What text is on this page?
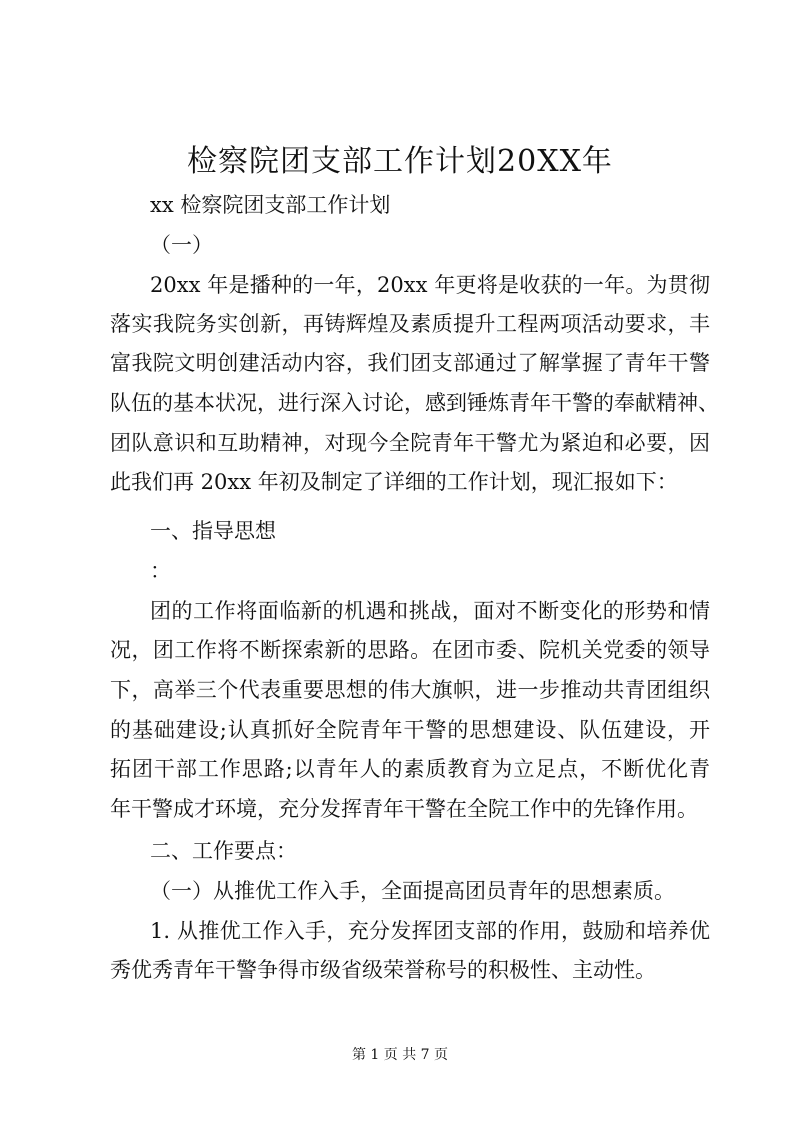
检察院团支部工作计划20XX年

xx 检察院团支部工作计划

（一）

20xx 年是播种的一年，20xx 年更将是收获的一年。为贯彻

落实我院务实创新，再铸辉煌及素质提升工程两项活动要求，丰

富我院文明创建活动内容，我们团支部通过了解掌握了青年干警

队伍的基本状况，进行深入讨论，感到锤炼青年干警的奉献精神、

团队意识和互助精神，对现今全院青年干警尤为紧迫和必要，因

此我们再 20xx 年初及制定了详细的工作计划，现汇报如下：

一、指导思想

：

团的工作将面临新的机遇和挑战，面对不断变化的形势和情

况，团工作将不断探索新的思路。在团市委、院机关党委的领导

下，高举三个代表重要思想的伟大旗帜，进一步推动共青团组织

的基础建设;认真抓好全院青年干警的思想建设、队伍建设，开

拓团干部工作思路;以青年人的素质教育为立足点，不断优化青

年干警成才环境，充分发挥青年干警在全院工作中的先锋作用。

二、工作要点：

（一）从推优工作入手，全面提高团员青年的思想素质。

1. 从推优工作入手，充分发挥团支部的作用，鼓励和培养优

秀优秀青年干警争得市级省级荣誉称号的积极性、主动性。

第 1 页 共 7 页
